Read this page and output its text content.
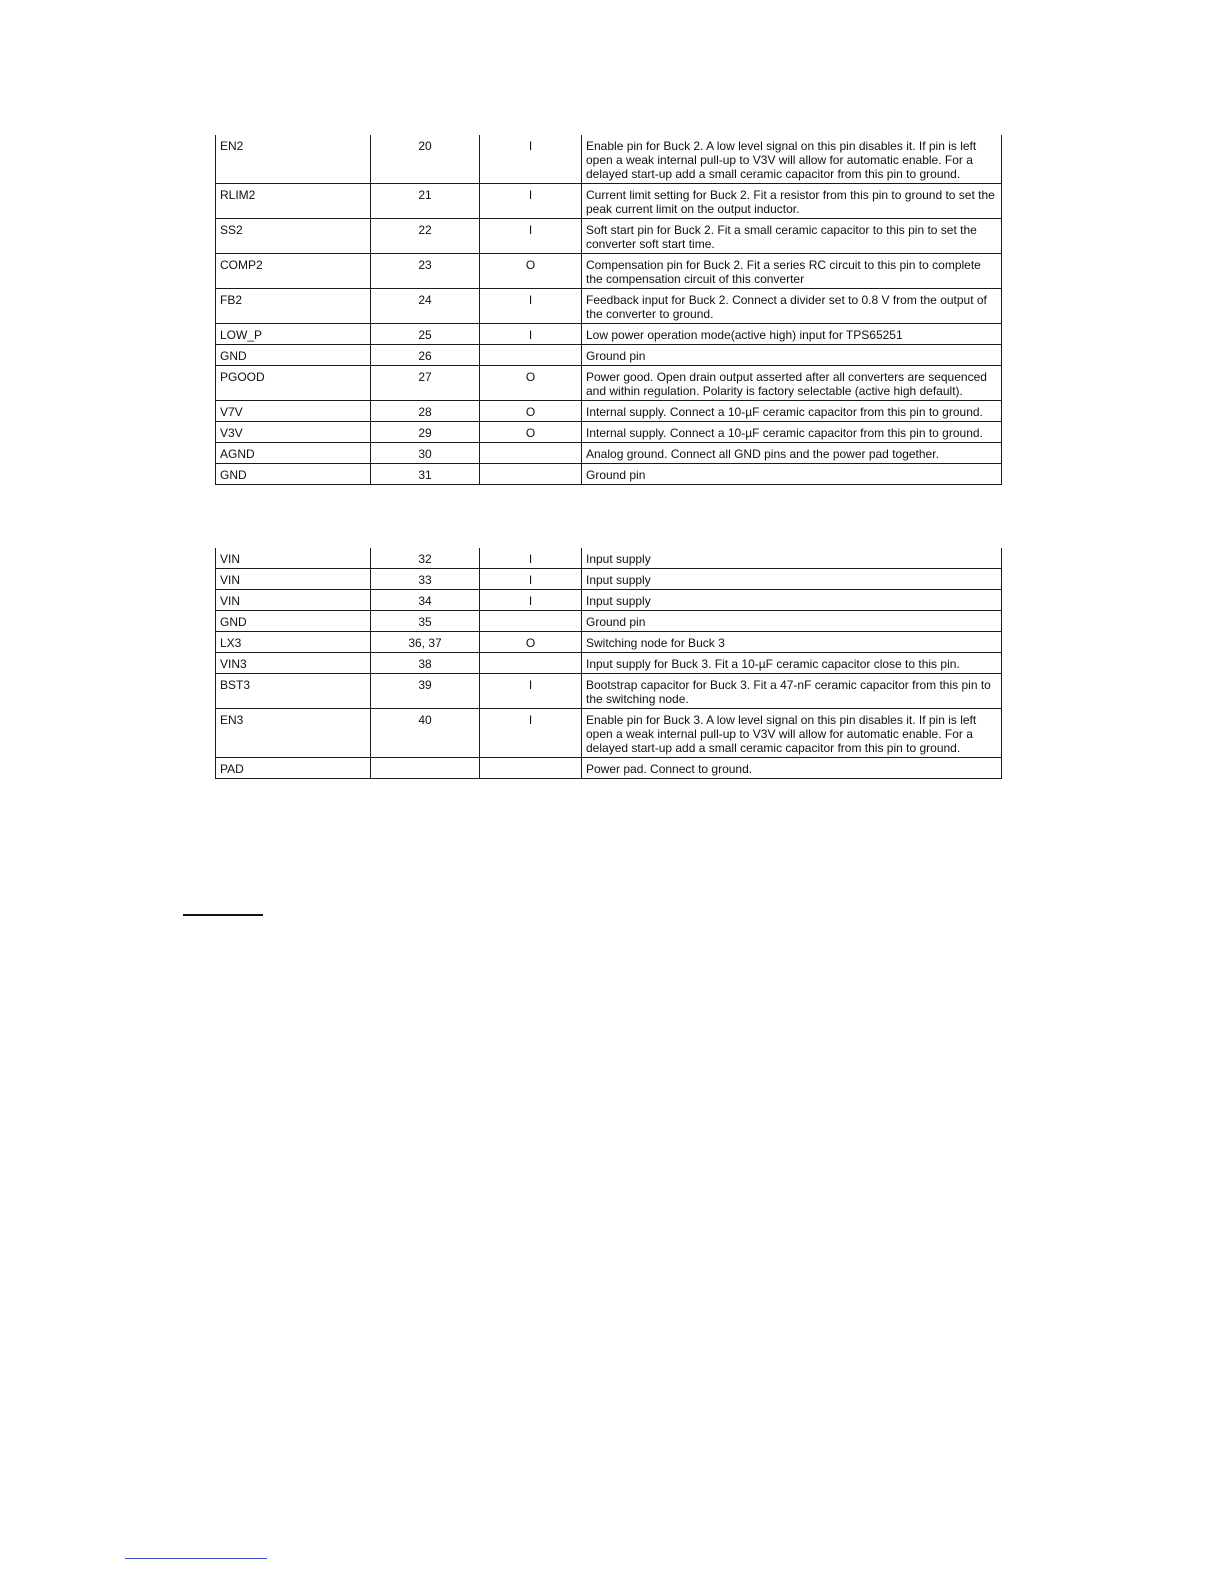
EN2	20	I	Enable pin for Buck 2. A low level signal on this pin disables it. If pin is left open a weak internal pull-up to V3V will allow for automatic enable. For a delayed start-up add a small ceramic capacitor from this pin to ground.
RLIM2	21	I	Current limit setting for Buck 2. Fit a resistor from this pin to ground to set the peak current limit on the output inductor.
SS2	22	I	Soft start pin for Buck 2. Fit a small ceramic capacitor to this pin to set the converter soft start time.
COMP2	23	O	Compensation pin for Buck 2. Fit a series RC circuit to this pin to complete the compensation circuit of this converter
FB2	24	I	Feedback input for Buck 2. Connect a divider set to 0.8 V from the output of the converter to ground.
LOW_P	25	I	Low power operation mode(active high) input for TPS65251
GND	26		Ground pin
PGOOD	27	O	Power good. Open drain output asserted after all converters are sequenced and within regulation. Polarity is factory selectable (active high default).
V7V	28	O	Internal supply. Connect a 10-µF ceramic capacitor from this pin to ground.
V3V	29	O	Internal supply. Connect a 10-µF ceramic capacitor from this pin to ground.
AGND	30		Analog ground. Connect all GND pins and the power pad together.
GND	31		Ground pin
VIN	32	I	Input supply
VIN	33	I	Input supply
VIN	34	I	Input supply
GND	35		Ground pin
LX3	36, 37	O	Switching node for Buck 3
VIN3	38		Input supply for Buck 3. Fit a 10-µF ceramic capacitor close to this pin.
BST3	39	I	Bootstrap capacitor for Buck 3. Fit a 47-nF ceramic capacitor from this pin to the switching node.
EN3	40	I	Enable pin for Buck 3. A low level signal on this pin disables it. If pin is left open a weak internal pull-up to V3V will allow for automatic enable. For a delayed start-up add a small ceramic capacitor from this pin to ground.
PAD			Power pad. Connect to ground.
